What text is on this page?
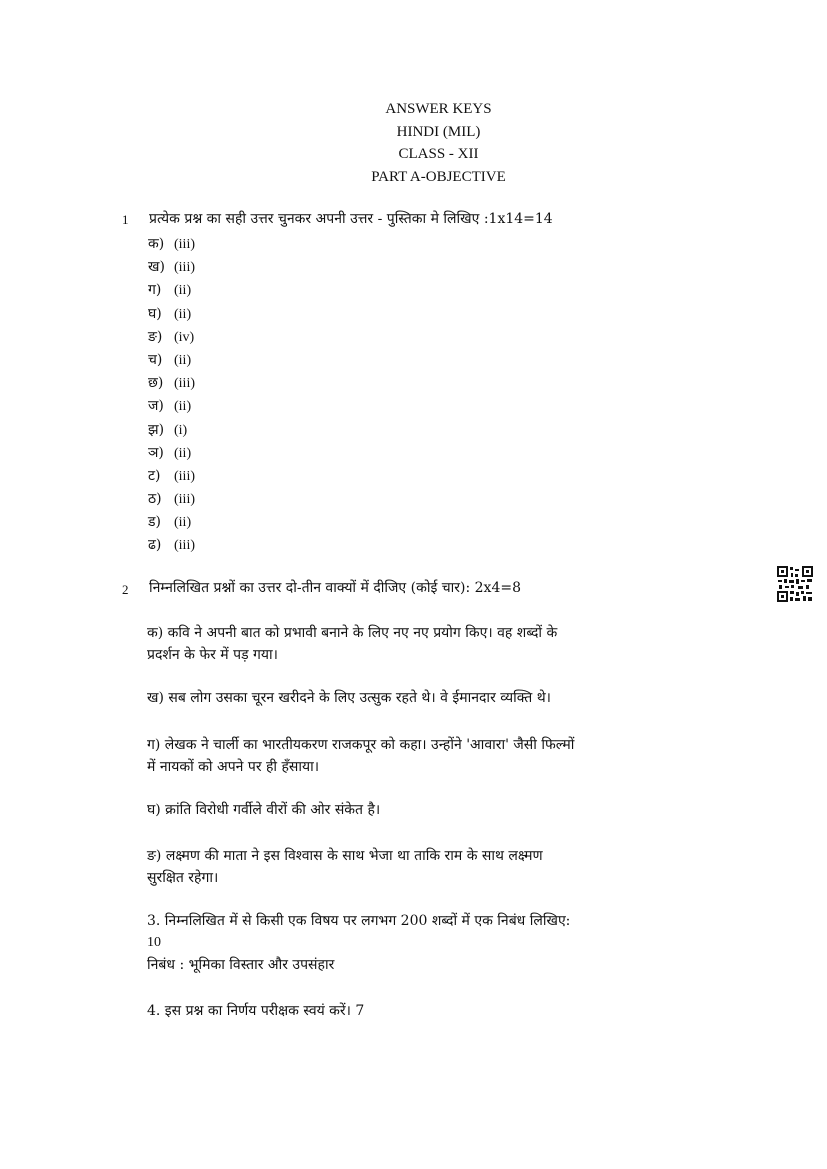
ANSWER KEYS
HINDI (MIL)
CLASS - XII
PART A-OBJECTIVE
1 प्रत्येक प्रश्न का सही उत्तर चुनकर अपनी उत्तर - पुस्तिका मे लिखिए :1x14=14
क) (iii)
ख) (iii)
ग) (ii)
घ) (ii)
ङ) (iv)
च) (ii)
छ) (iii)
ज) (ii)
झ) (i)
ञ) (ii)
ट) (iii)
ठ) (iii)
ड) (ii)
ढ) (iii)
2 निम्नलिखित प्रश्नों का उत्तर दो-तीन वाक्यों में दीजिए (कोई चार): 2x4=8
क) कवि ने अपनी बात को प्रभावी बनाने के लिए नए नए प्रयोग किए। वह शब्दों के
प्रदर्शन के फेर में पड़ गया।
ख) सब लोग उसका चूरन खरीदने के लिए उत्सुक रहते थे। वे ईमानदार व्यक्ति थे।
ग) लेखक ने चार्ली का भारतीयकरण राजकपूर को कहा। उन्होंने 'आवारा' जैसी फिल्मों
में नायकों को अपने पर ही हँसाया।
घ) क्रांति विरोधी गर्वीले वीरों की ओर संकेत है।
ङ) लक्ष्मण की माता ने इस विश्वास के साथ भेजा था ताकि राम के साथ लक्ष्मण
सुरक्षित रहेगा।
3. निम्नलिखित में से किसी एक विषय पर लगभग 200 शब्दों में एक निबंध लिखिए:
10
निबंध : भूमिका विस्तार और उपसंहार
4. इस प्रश्न का निर्णय परीक्षक स्वयं करें। 7
